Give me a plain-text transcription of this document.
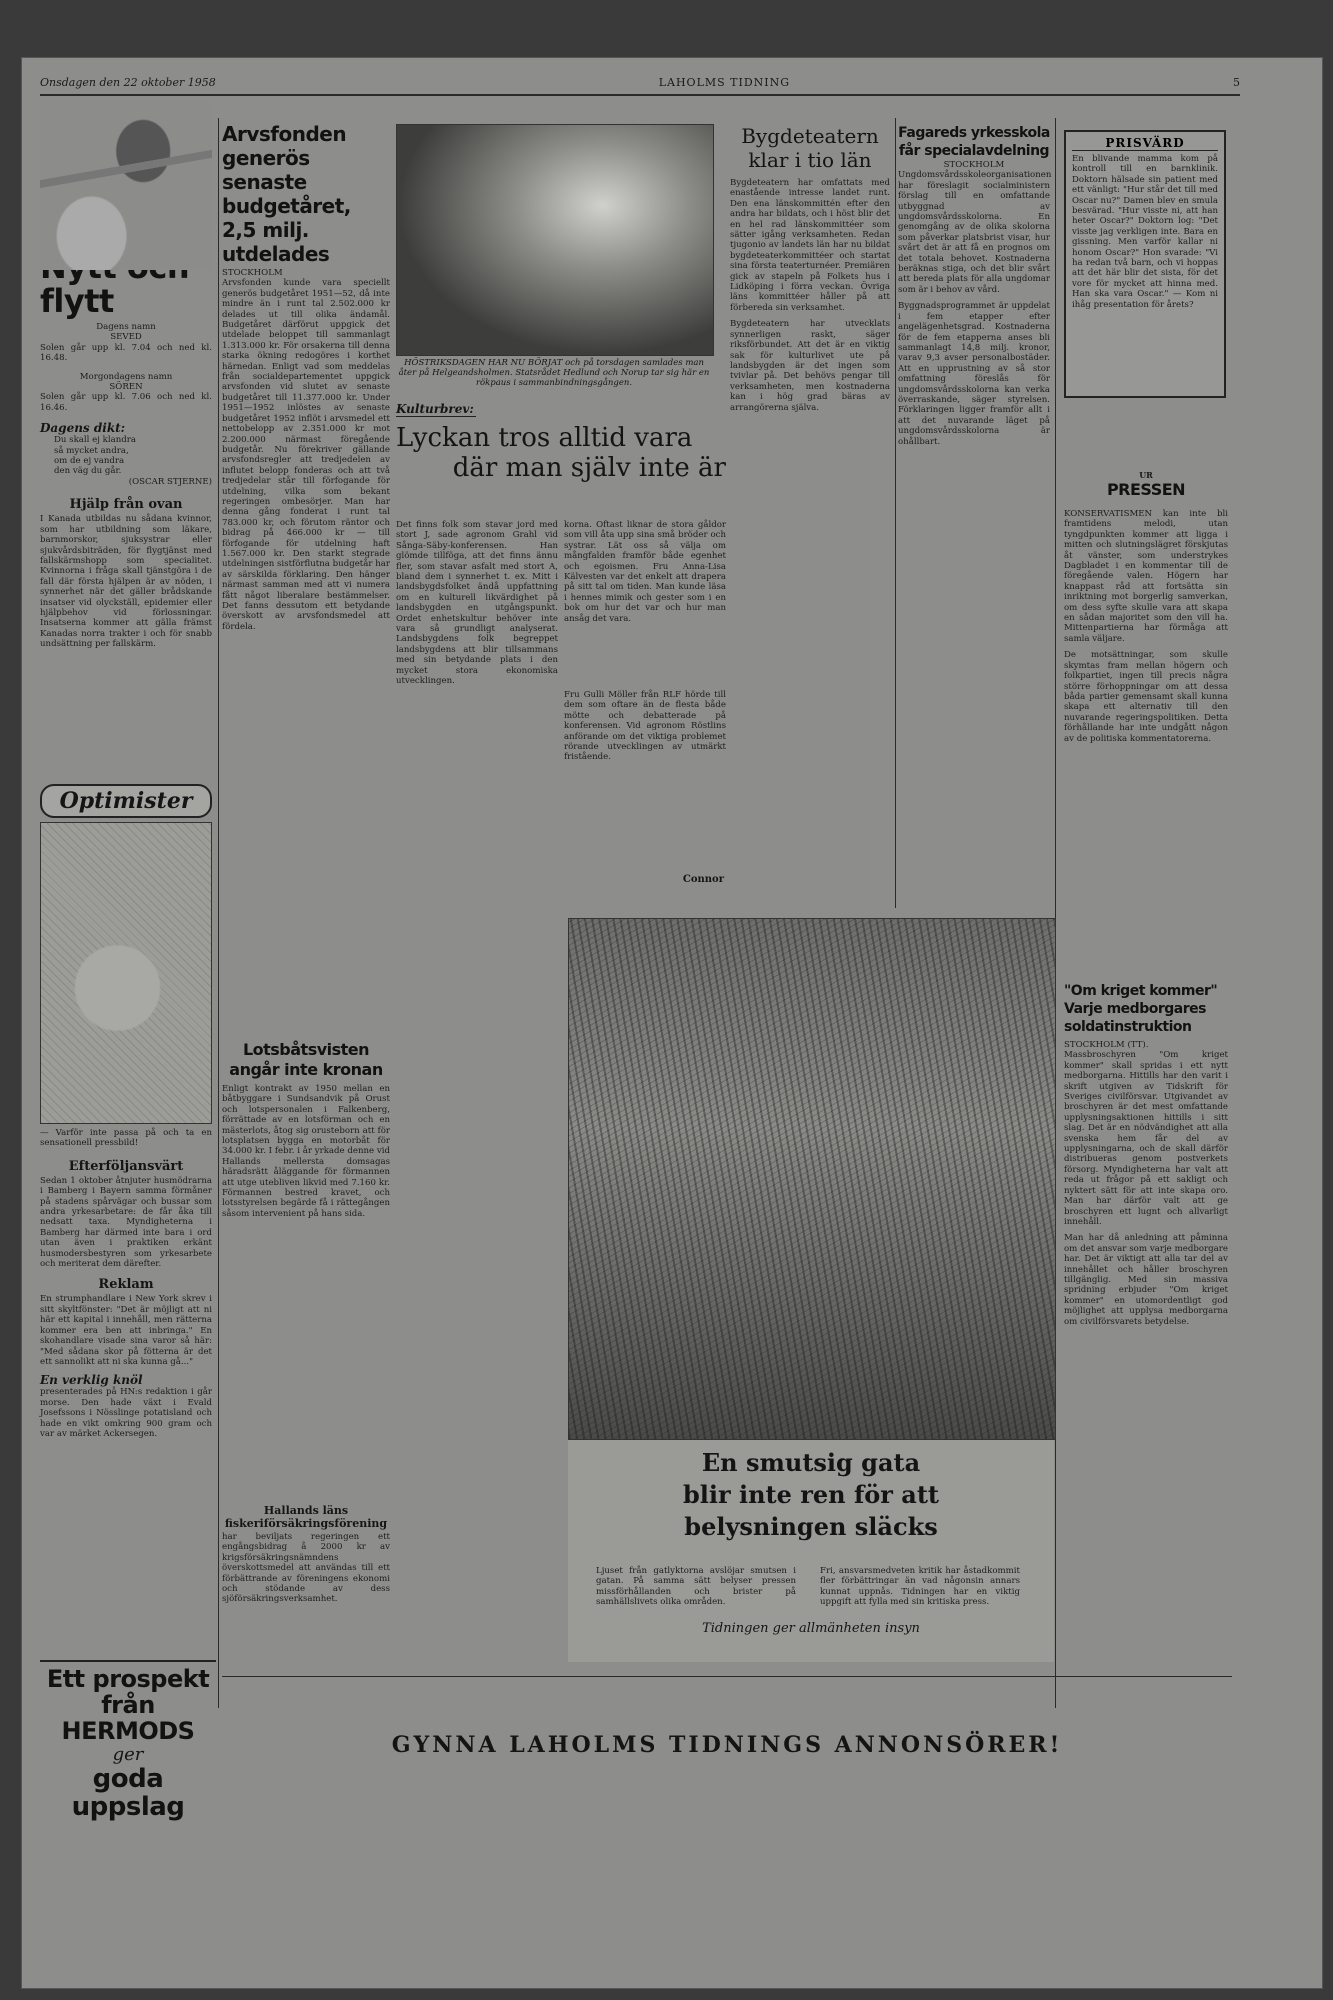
Onsdagen den 22 oktober 1958	LAHOLMS TIDNING	5
flytt
Dagens namn
SEVED
Solen går upp kl. 7.04 och ned kl. 16.48.
Morgondagens namn
SÖREN
Solen går upp kl. 7.06 och ned kl. 16.46.
Dagens dikt:
Du skall ej klandra
så mycket andra,
om de ej vandra
den väg du går.
(OSCAR STJERNE)
Hjälp från ovan
I Kanada utbildas nu sådana kvinnor, som har utbildning som läkare, barnmorskor, sjuksystrar eller sjukvårdsbiträden, för flygtjänst med fallskärmshopp som specialitet. Kvinnorna i fråga skall tjänstgöra i de fall där första hjälpen är av nöden, i synnerhet när det gäller brådskande insatser vid olyckställ, epidemier eller hjälpbehov vid förlossningar. Insatserna kommer att gälla främst Kanadas norra trakter i och för snabb undsättning per fallskärm.
Optimister
— Varför inte passa på och ta en sensationell pressbild!
Efterföljansvärt
Sedan 1 oktober åtnjuter husmödrarna i Bamberg i Bayern samma förmåner på stadens spårvägar och bussar som andra yrkesarbetare: de får åka till nedsatt taxa. Myndigheterna i Bamberg har därmed inte bara i ord utan även i praktiken erkänt husmodersbestyren som yrkesarbete och meriterat dem därefter.
Reklam
En strumphandlare i New York skrev i sitt skyltfönster: "Det är möjligt att ni här ett kapital i innehåll, men rätterna kommer era ben att inbringa." En skohandlare visade sina varor så här: "Med sådana skor på fötterna är det ett sannolikt att ni ska kunna gå..."
En verklig knöl
presenterades på HN:s redaktion i går morse. Den hade växt i Evald Josefssons i Nösslinge potatisland och hade en vikt omkring 900 gram och var av märket Ackersegen.
Ett prospekt från HERMODS
ger
goda uppslag
Arvsfonden generös senaste budgetåret, 2,5 milj. utdelades
STOCKHOLM
Arvsfonden kunde vara speciellt generös budgetåret 1951—52, då inte mindre än i runt tal 2.502.000 kr delades ut till olika ändamål. Budgetåret därförut uppgick det utdelade beloppet till sammanlagt 1.313.000 kr. För orsakerna till denna starka ökning redogöres i korthet härnedan. Enligt vad som meddelas från socialdepartementet uppgick arvsfonden vid slutet av senaste budgetåret till 11.377.000 kr. Under 1951—1952 inlöstes av senaste budgetåret 1952 inflöt i arvsmedel ett nettobelopp av 2.351.000 kr mot 2.200.000 närmast föregående budgetår. Nu förekriver gällande arvsfondsregler att tredjedelen av influtet belopp fonderas och att två tredjedelar står till förfogande för utdelning, vilka som bekant regeringen ombesörjer. Man har denna gång fonderat i runt tal 783.000 kr, och förutom räntor och bidrag på 466.000 kr — till förfogande för utdelning haft 1.567.000 kr. Den starkt stegrade utdelningen sistförflutna budgetår har av särskilda förklaring. Den hänger närmast samman med att vi numera fått något liberalare bestämmelser. Det fanns dessutom ett betydande överskott av arvsfondsmedel att fördela.
Lotsbåtsvisten angår inte kronan
Enligt kontrakt av 1950 mellan en båtbyggare i Sundsandvik på Orust och lotspersonalen i Falkenberg, förrättade av en lotsförman och en mästerlots, åtog sig orusteborn att för lotsplatsen bygga en motorbåt för 34.000 kr. I febr. i år yrkade denne vid Hallands mellersta domsagas häradsrätt åläggande för förmannen att utge utebliven likvid med 7.160 kr. Förmannen bestred kravet, och lotsstyrelsen begärde få i rättegången såsom intervenient på hans sida.
Hallands läns fiskeriförsäkringsförening
har beviljats regeringen ett engångsbidrag å 2000 kr av krigsförsäkringsnämndens överskottsmedel att användas till ett förbättrande av föreningens ekonomi och stödande av dess sjöförsäkringsverksamhet.
HÖSTRIKSDAGEN HAR NU BÖRJAT och på torsdagen samlades man åter på Helgeandsholmen. Statsrådet Hedlund och Norup tar sig här en rökpaus i sammanbindningsgången.
Kulturbrev:
Lyckan tros alltid vara
där man själv inte är
Det finns folk som stavar jord med stort J, sade agronom Grahl vid Sånga-Säby-konferensen. Han glömde tillföga, att det finns ännu fler, som stavar asfalt med stort A, bland dem i synnerhet t. ex. Mitt i landsbygdsfolket ändå uppfattning om en kulturell likvärdighet på landsbygden en utgångspunkt. Ordet enhetskultur behöver inte vara så grundligt analyserat. Landsbygdens folk begreppet landsbygdens att blir tillsammans med sin betydande plats i den mycket stora ekonomiska utvecklingen.
korna. Oftast liknar de stora gåldor som vill åta upp sina små bröder och systrar. Lät oss så välja om mångfalden framför både egenhet och egoismen. Fru Anna-Lisa Kälvesten var det enkelt att drapera på sitt tal om tiden. Man kunde läsa i hennes mimik och gester som i en bok om hur det var och hur man ansåg det vara.
Fru Gulli Möller från RLF hörde till dem som oftare än de flesta både mötte och debatterade på konferensen. Vid agronom Röstlins anförande om det viktiga problemet rörande utvecklingen av utmärkt fristående.
Connor
Bygdeteatern klar i tio län
Bygdeteatern har omfattats med enastående intresse landet runt. Den ena länskommittén efter den andra har bildats, och i höst blir det en hel rad länskommittéer som sätter igång verksamheten. Redan tjugonio av landets län har nu bildat bygdeteaterkommittéer och startat sina första teaterturnéer. Premiären gick av stapeln på Folkets hus i Lidköping i förra veckan. Övriga läns kommittéer håller på att förbereda sin verksamhet.
Bygdeteatern har utvecklats synnerligen raskt, säger riksförbundet. Att det är en viktig sak för kulturlivet ute på landsbygden är det ingen som tvivlar på. Det behövs pengar till verksamheten, men kostnaderna kan i hög grad bäras av arrangörerna själva.
Fagareds yrkesskola får specialavdelning
STOCKHOLM
Ungdomsvårdsskoleorganisationen har föreslagit socialministern förslag till en omfattande utbyggnad av ungdomsvårdsskolorna. En genomgång av de olika skolorna som påverkar platsbrist visar, hur svårt det är att få en prognos om det totala behovet. Kostnaderna beräknas stiga, och det blir svårt att bereda plats för alla ungdomar som är i behov av vård.
Byggnadsprogrammet är uppdelat i fem etapper efter angelägenhetsgrad. Kostnaderna för de fem etapperna anses bli sammanlagt 14,8 milj. kronor, varav 9,3 avser personalbostäder. Att en upprustning av så stor omfattning föreslås för ungdomsvårdsskolorna kan verka överraskande, säger styrelsen. Förklaringen ligger framför allt i att det nuvarande läget på ungdomsvårdsskolorna är ohållbart.
PRISVÄRD
En blivande mamma kom på kontroll till en barnklinik. Doktorn hälsade sin patient med ett vänligt: "Hur står det till med Oscar nu?" Damen blev en smula besvärad. "Hur visste ni, att han heter Oscar?" Doktorn log: "Det visste jag verkligen inte. Bara en gissning. Men varför kallar ni honom Oscar?" Hon svarade: "Vi ha redan två barn, och vi hoppas att det här blir det sista, för det vore för mycket att hinna med. Han ska vara Oscar." — Kom ni ihåg presentation för årets?
UR
PRESSEN
KONSERVATISMEN kan inte bli framtidens melodi, utan tyngdpunkten kommer att ligga i mitten och slutningslägret förskjutas åt vänster, som understrykes Dagbladet i en kommentar till de föregående valen. Högern har knappast råd att fortsätta sin inriktning mot borgerlig samverkan, om dess syfte skulle vara att skapa en sådan majoritet som den vill ha. Mittenpartierna har förmåga att samla väljare.
De motsättningar, som skulle skymtas fram mellan högern och folkpartiet, ingen till precis några större förhoppningar om att dessa båda partier gemensamt skall kunna skapa ett alternativ till den nuvarande regeringspolitiken. Detta förhållande har inte undgått någon av de politiska kommentatorerna.
"Om kriget kommer"
Varje medborgares soldatinstruktion
STOCKHOLM (TT).
Massbroschyren "Om kriget kommer" skall spridas i ett nytt medborgarna. Hittills har den varit i skrift utgiven av Tidskrift för Sveriges civilförsvar. Utgivandet av broschyren är det mest omfattande upplysningsaktionen hittills i sitt slag. Det är en nödvändighet att alla svenska hem får del av upplysningarna, och de skall därför distribueras genom postverkets försorg. Myndigheterna har valt att reda ut frågor på ett sakligt och nyktert sätt för att inte skapa oro. Man har därför valt att ge broschyren ett lugnt och allvarligt innehåll.
Man har då anledning att påminna om det ansvar som varje medborgare har. Det är viktigt att alla tar del av innehållet och håller broschyren tillgänglig. Med sin massiva spridning erbjuder "Om kriget kommer" en utomordentligt god möjlighet att upplysa medborgarna om civilförsvarets betydelse.
En smutsig gata
blir inte ren för att
belysningen släcks
Ljuset från gatlyktorna avslöjar smutsen i gatan. På samma sätt belyser pressen missförhållanden och brister på samhällslivets olika områden.
Fri, ansvarsmedveten kritik har åstadkommit fler förbättringar än vad någonsin annars kunnat uppnås. Tidningen har en viktig uppgift att fylla med sin kritiska press.
Tidningen ger allmänheten insyn
GYNNA LAHOLMS TIDNINGS ANNONSÖRER!
